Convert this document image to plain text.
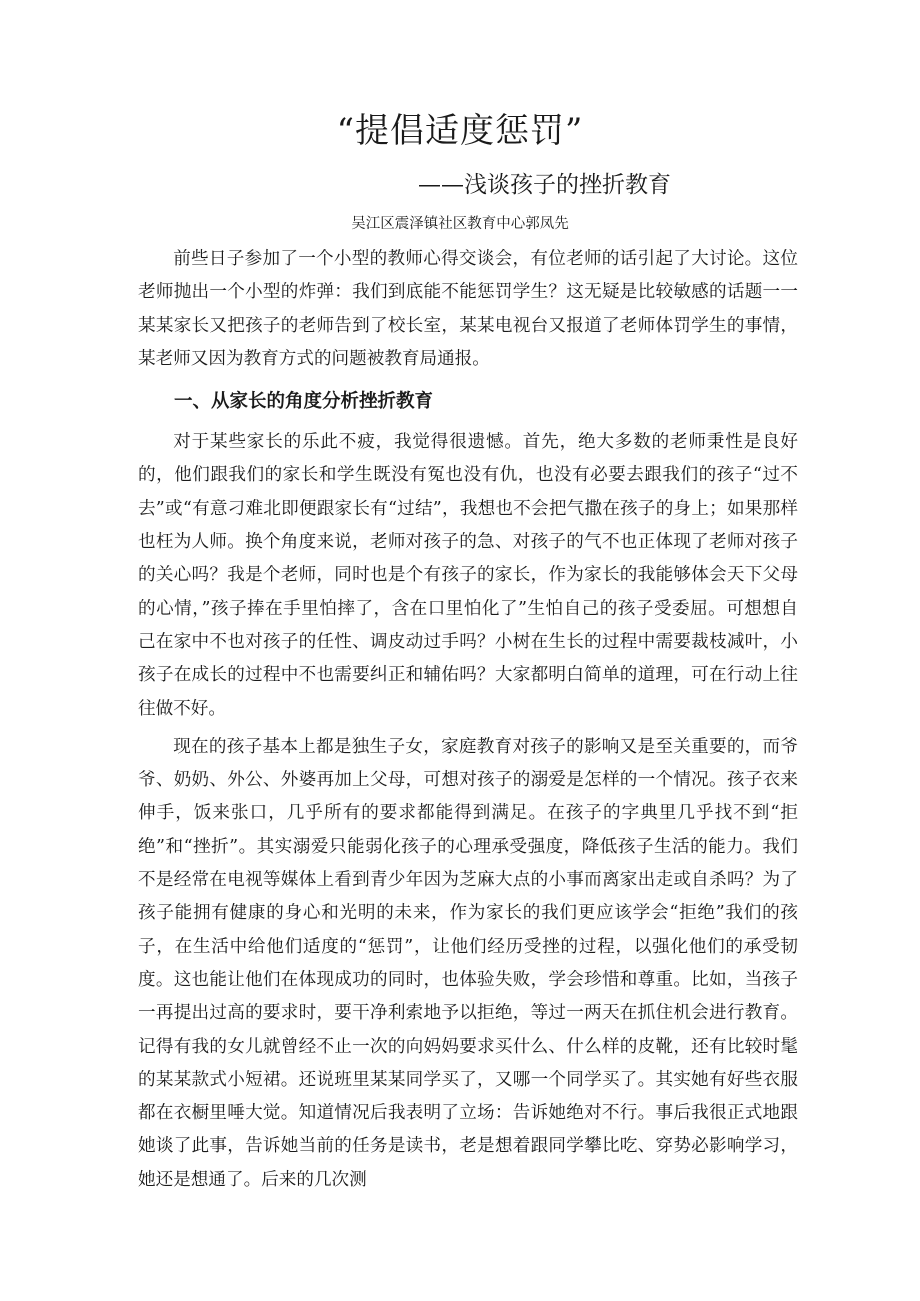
“提倡适度惩罚”
——浅谈孩子的挫折教育
吴江区震泽镇社区教育中心郭凤先

前些日子参加了一个小型的教师心得交谈会，有位老师的话引起了大讨论。这位老师抛出一个小型的炸弹：我们到底能不能惩罚学生？这无疑是比较敏感的话题一一某某家长又把孩子的老师告到了校长室，某某电视台又报道了老师体罚学生的事情，某老师又因为教育方式的问题被教育局通报。

一、从家长的角度分析挫折教育

对于某些家长的乐此不疲，我觉得很遗憾。首先，绝大多数的老师秉性是良好的，他们跟我们的家长和学生既没有冤也没有仇，也没有必要去跟我们的孩子“过不去”或“有意刁难北即便跟家长有“过结”，我想也不会把气撒在孩子的身上；如果那样也枉为人师。换个角度来说，老师对孩子的急、对孩子的气不也正体现了老师对孩子的关心吗？我是个老师，同时也是个有孩子的家长，作为家长的我能够体会天下父母的心情，”孩子捧在手里怕摔了，含在口里怕化了”生怕自己的孩子受委屈。可想想自己在家中不也对孩子的任性、调皮动过手吗？小树在生长的过程中需要裁枝减叶，小孩子在成长的过程中不也需要纠正和辅佑吗？大家都明白简单的道理，可在行动上往往做不好。

现在的孩子基本上都是独生子女，家庭教育对孩子的影响又是至关重要的，而爷爷、奶奶、外公、外婆再加上父母，可想对孩子的溺爱是怎样的一个情况。孩子衣来伸手，饭来张口，几乎所有的要求都能得到满足。在孩子的字典里几乎找不到“拒绝”和“挫折”。其实溺爱只能弱化孩子的心理承受强度，降低孩子生活的能力。我们不是经常在电视等媒体上看到青少年因为芝麻大点的小事而离家出走或自杀吗？为了孩子能拥有健康的身心和光明的未来，作为家长的我们更应该学会“拒绝”我们的孩子，在生活中给他们适度的“惩罚”，让他们经历受挫的过程，以强化他们的承受韧度。这也能让他们在体现成功的同时，也体验失败，学会珍惜和尊重。比如，当孩子一再提出过高的要求时，要干净利索地予以拒绝，等过一两天在抓住机会进行教育。记得有我的女儿就曾经不止一次的向妈妈要求买什么、什么样的皮靴，还有比较时髦的某某款式小短裙。还说班里某某同学买了，又哪一个同学买了。其实她有好些衣服都在衣橱里唾大觉。知道情况后我表明了立场：告诉她绝对不行。事后我很正式地跟她谈了此事，告诉她当前的任务是读书，老是想着跟同学攀比吃、穿势必影响学习，她还是想通了。后来的几次测
